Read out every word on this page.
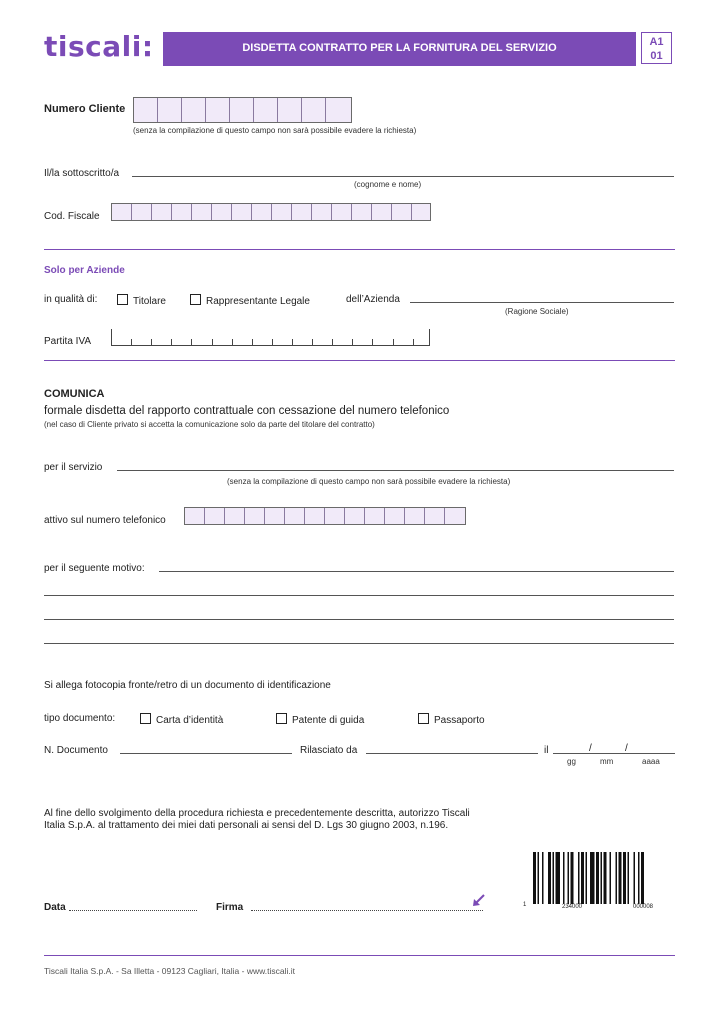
tiscali:	DISDETTA CONTRATTO PER LA FORNITURA DEL SERVIZIO	A1
01
Numero Cliente
(senza la compilazione di questo campo non sarà possibile evadere la richiesta)
Il/la sottoscritto/a
(cognome e nome)
Cod. Fiscale
Solo per Aziende
in qualità di:	Titolare	Rappresentante Legale	dell’Azienda
(Ragione Sociale)
Partita IVA
COMUNICA
formale disdetta del rapporto contrattuale con cessazione del numero telefonico
(nel caso di Cliente privato si accetta la comunicazione solo da parte del titolare del contratto)
per il servizio
(senza la compilazione di questo campo non sarà possibile evadere la richiesta)
attivo sul numero telefonico
per il seguente motivo:
Si allega fotocopia fronte/retro di un documento di identificazione
tipo documento:	Carta d’identità	Patente di guida	Passaporto
N. Documento	Rilasciato da	il	/	/
gg	mm	aaaa
Al fine dello svolgimento della procedura richiesta e precedentemente descritta, autorizzo Tiscali
Italia S.p.A. al trattamento dei miei dati personali ai sensi del D. Lgs 30 giugno 2003, n.196.
Data	Firma	1	234000	000008
Tiscali Italia S.p.A. - Sa Illetta - 09123 Cagliari, Italia - www.tiscali.it
